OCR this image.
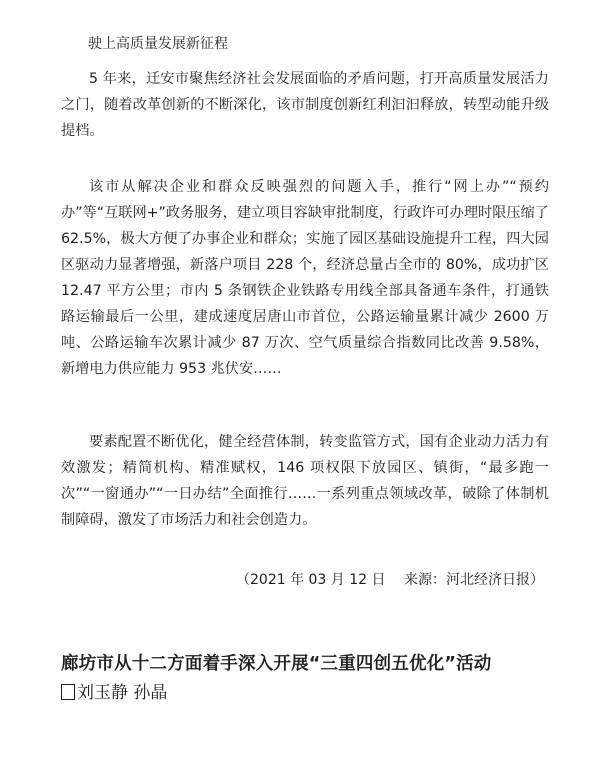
驶上高质量发展新征程

5 年来，迁安市聚焦经济社会发展面临的矛盾问题，打开高质量发展活力之门，随着改革创新的不断深化，该市制度创新红利汩汩释放，转型动能升级提档。

该市从解决企业和群众反映强烈的问题入手，推行“网上办”“预约办”等“互联网+”政务服务，建立项目容缺审批制度，行政许可办理时限压缩了62.5%，极大方便了办事企业和群众；实施了园区基础设施提升工程，四大园区驱动力显著增强，新落户项目 228 个，经济总量占全市的 80%，成功扩区 12.47 平方公里；市内 5 条钢铁企业铁路专用线全部具备通车条件，打通铁路运输最后一公里，建成速度居唐山市首位，公路运输量累计减少 2600 万吨、公路运输车次累计减少 87 万次、空气质量综合指数同比改善 9.58%，新增电力供应能力 953 兆伏安……

要素配置不断优化，健全经营体制，转变监管方式，国有企业动力活力有效激发；精简机构、精准赋权，146 项权限下放园区、镇街，“最多跑一次”“一窗通办”“一日办结”全面推行……一系列重点领域改革，破除了体制机制障碍，激发了市场活力和社会创造力。

（2021 年 03 月 12 日　 来源：河北经济日报）
廊坊市从十二方面着手深入开展“三重四创五优化”活动
刘玉静 孙晶
